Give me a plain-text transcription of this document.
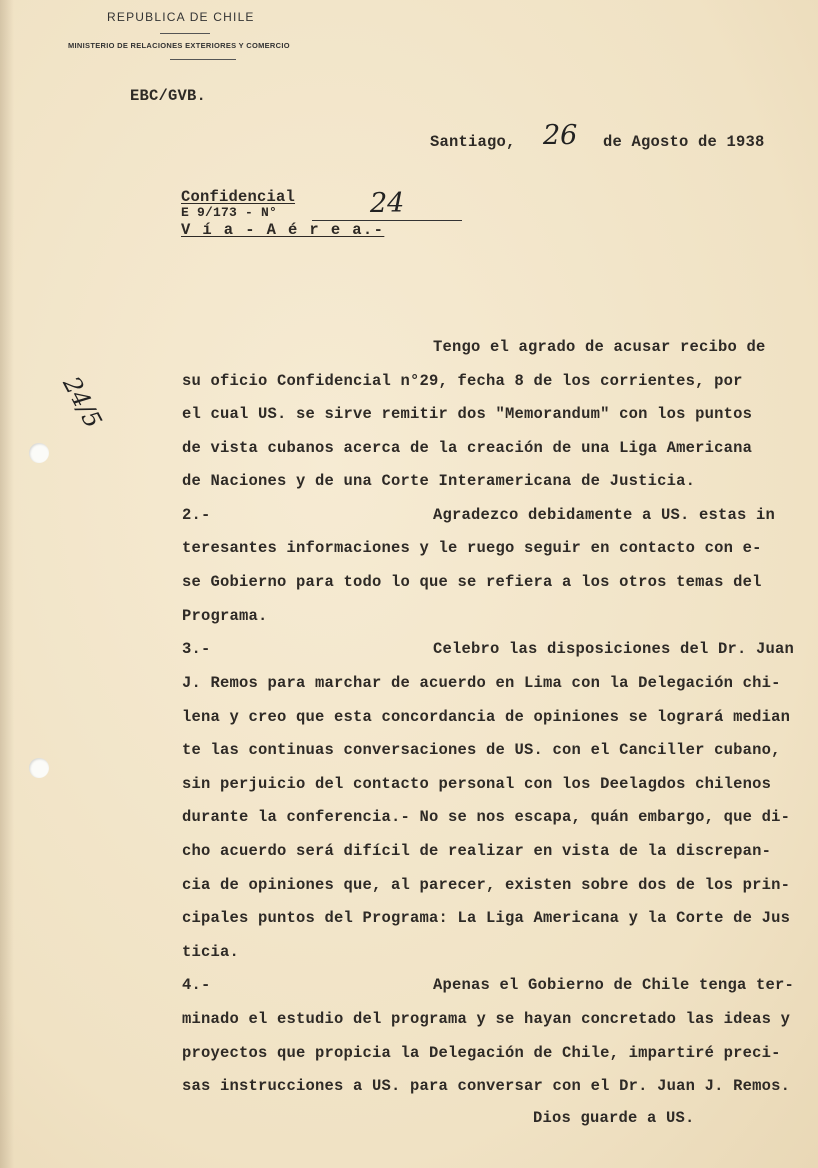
REPUBLICA DE CHILE
MINISTERIO DE RELACIONES EXTERIORES Y COMERCIO
EBC/GVB.
Santiago, 26 de Agosto de 1938
Confidencial
E 9/173 - N°	24
V í a - A é r e a.-
24/5
Tengo el agrado de acusar recibo de
su oficio Confidencial n°29, fecha 8 de los corrientes, por
el cual US. se sirve remitir dos "Memorandum" con los puntos
de vista cubanos acerca de la creación de una Liga Americana
de Naciones y de una Corte Interamericana de Justicia.
2.-	Agradezco debidamente a US. estas in
teresantes informaciones y le ruego seguir en contacto con e-
se Gobierno para todo lo que se refiera a los otros temas del
Programa.
3.-	Celebro las disposiciones del Dr. Juan
J. Remos para marchar de acuerdo en Lima con la Delegación chi-
lena y creo que esta concordancia de opiniones se logrará median
te las continuas conversaciones de US. con el Canciller cubano,
sin perjuicio del contacto personal con los Deelagdos chilenos
durante la conferencia.- No se nos escapa, quán embargo, que di-
cho acuerdo será difícil de realizar en vista de la discrepan-
cia de opiniones que, al parecer, existen sobre dos de los prin-
cipales puntos del Programa: La Liga Americana y la Corte de Jus
ticia.
4.-	Apenas el Gobierno de Chile tenga ter-
minado el estudio del programa y se hayan concretado las ideas y
proyectos que propicia la Delegación de Chile, impartiré preci-
sas instrucciones a US. para conversar con el Dr. Juan J. Remos.
Dios guarde a US.
